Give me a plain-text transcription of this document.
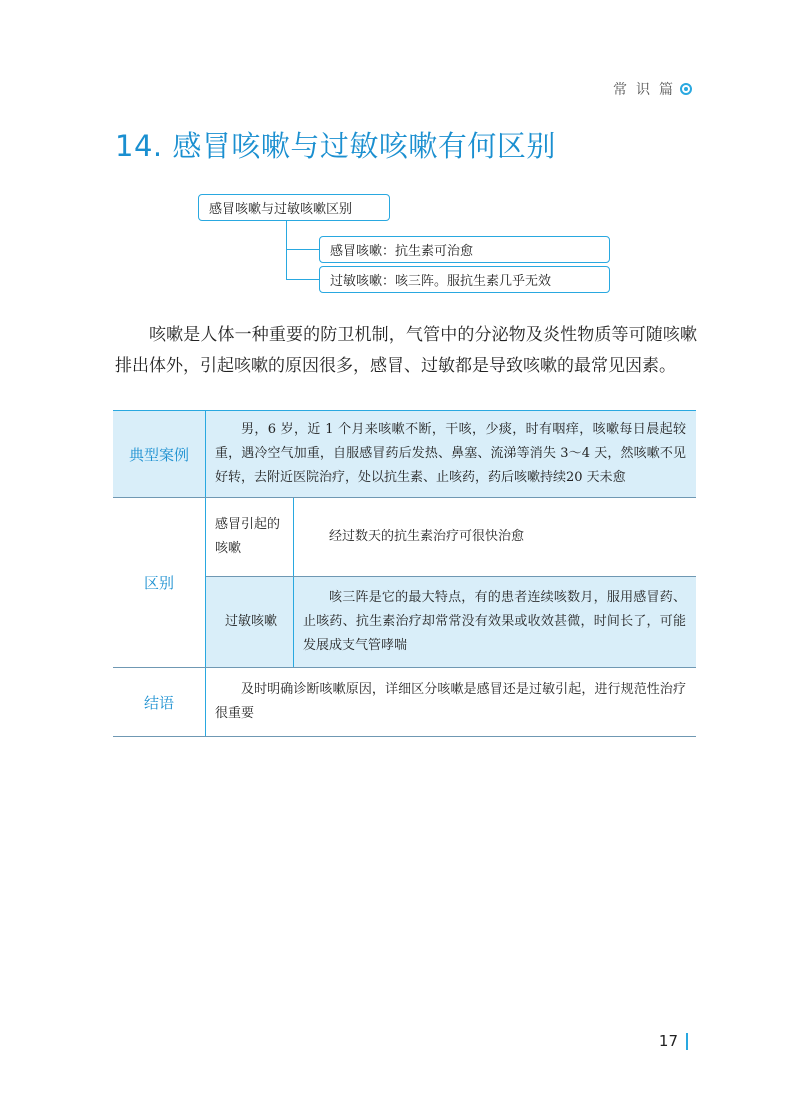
常识篇
14. 感冒咳嗽与过敏咳嗽有何区别
感冒咳嗽与过敏咳嗽区别
感冒咳嗽：抗生素可治愈
过敏咳嗽：咳三阵。服抗生素几乎无效

咳嗽是人体一种重要的防卫机制，气管中的分泌物及炎性物质等可随咳嗽排出体外，引起咳嗽的原因很多，感冒、过敏都是导致咳嗽的最常见因素。

典型案例	男，6 岁，近 1 个月来咳嗽不断，干咳，少痰，时有咽痒，咳嗽每日晨起较重，遇冷空气加重，自服感冒药后发热、鼻塞、流涕等消失 3～4 天，然咳嗽不见好转，去附近医院治疗，处以抗生素、止咳药，药后咳嗽持续20 天未愈	
区别	感冒引起的咳嗽	经过数天的抗生素治疗可很快治愈
	过敏咳嗽	咳三阵是它的最大特点，有的患者连续咳数月，服用感冒药、止咳药、抗生素治疗却常常没有效果或收效甚微，时间长了，可能发展成支气管哮喘
结语	及时明确诊断咳嗽原因，详细区分咳嗽是感冒还是过敏引起，进行规范性治疗很重要	
17
